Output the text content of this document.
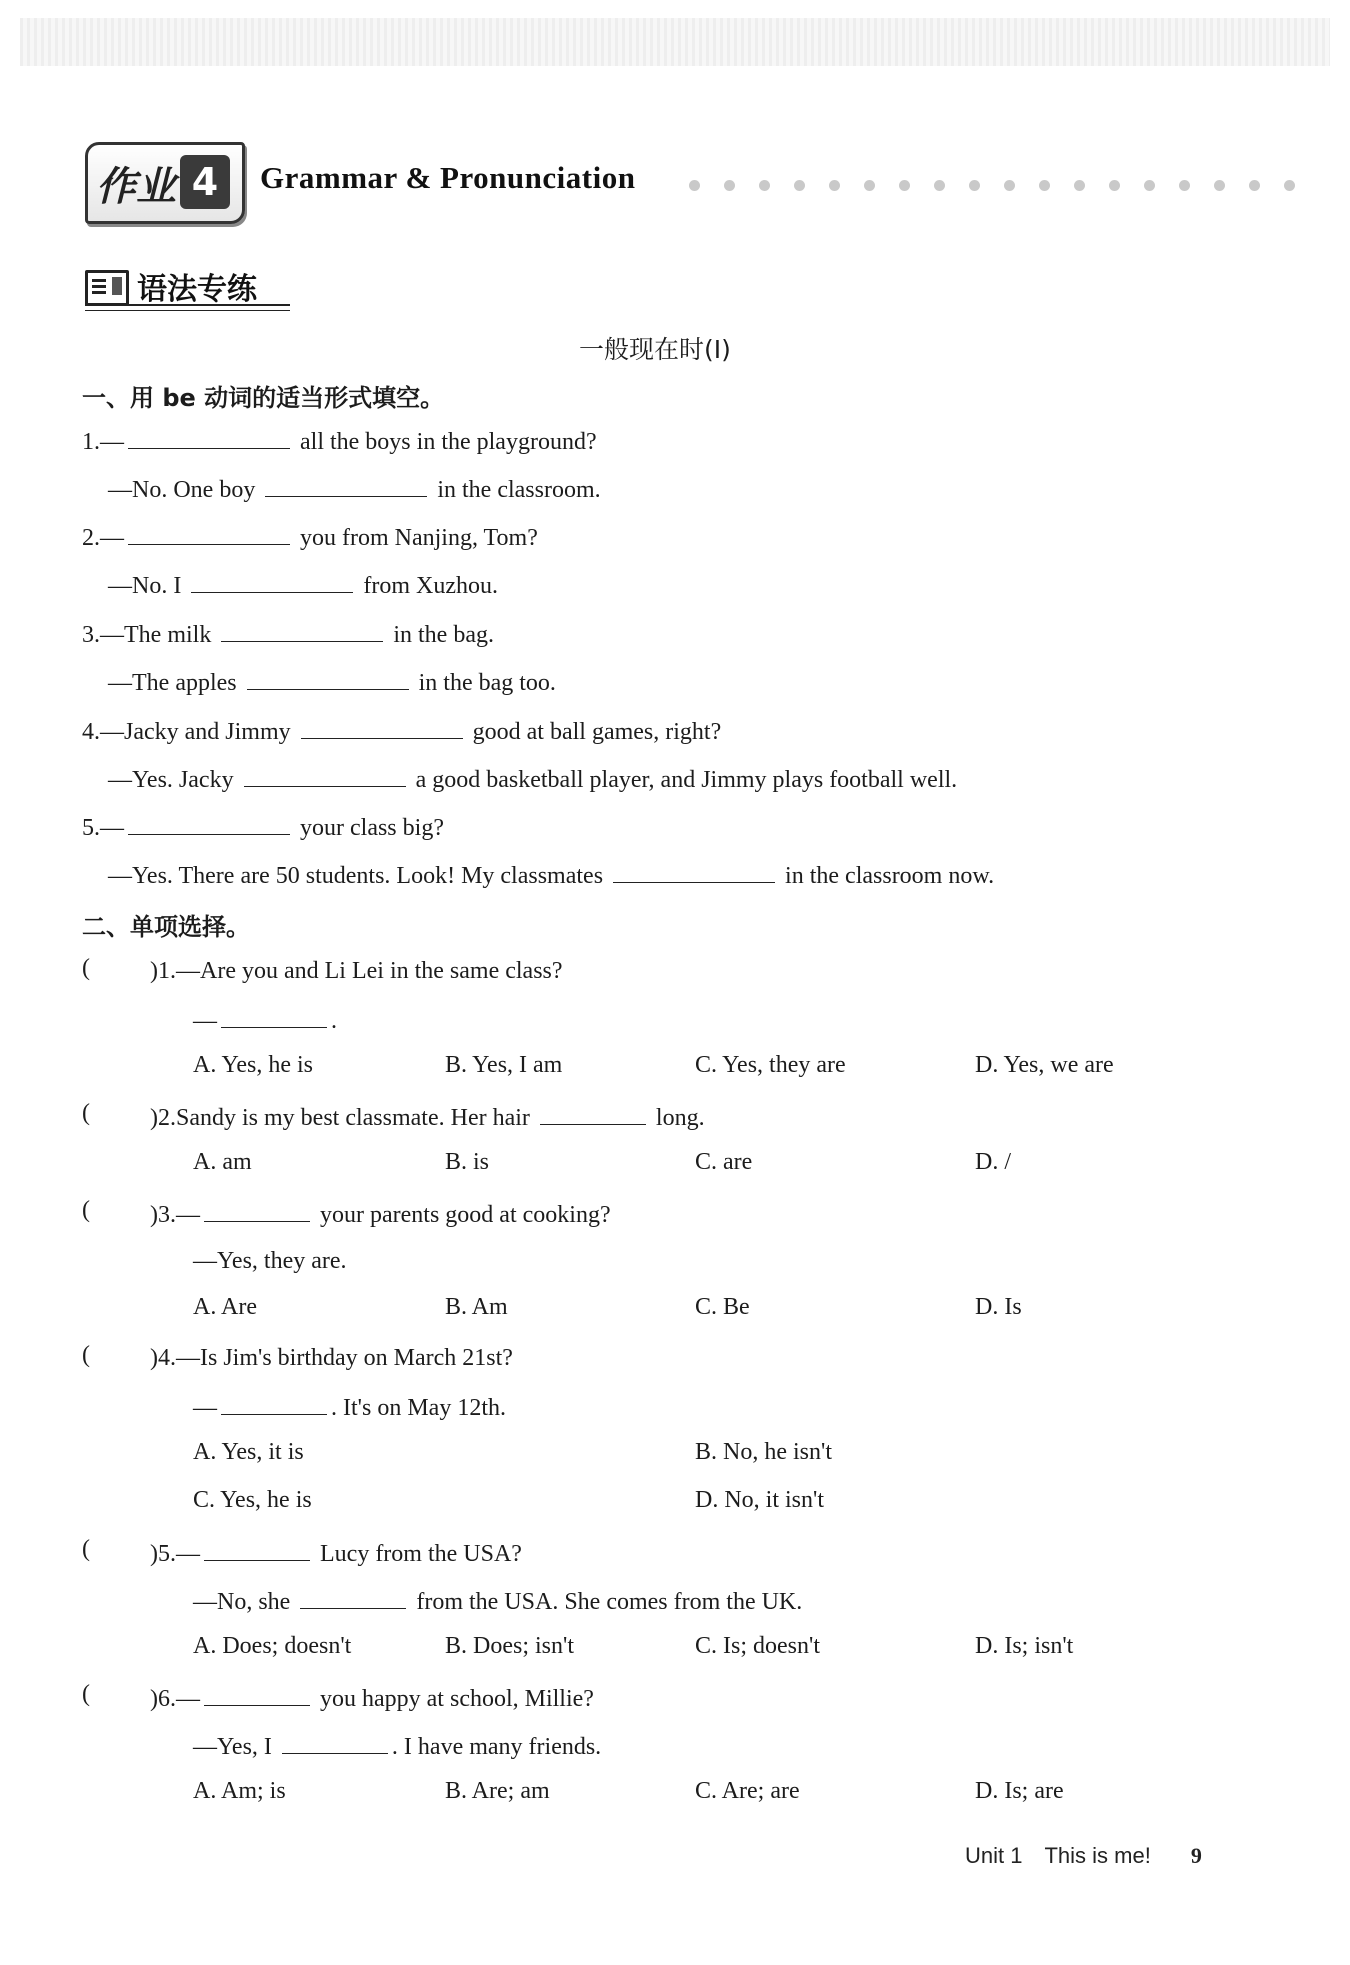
作业 4	Grammar & Pronunciation
语法专练
一般现在时(Ⅰ)
一、用 be 动词的适当形式填空。
1.—	all the boys in the playground?
—No. One boy	in the classroom.
2.—	you from Nanjing, Tom?
—No. I	from Xuzhou.
3.—The milk	in the bag.
—The apples	in the bag too.
4.—Jacky and Jimmy	good at ball games, right?
—Yes. Jacky	a good basketball player, and Jimmy plays football well.
5.—	your class big?
—Yes. There are 50 students. Look! My classmates	in the classroom now.
二、单项选择。
(	)1.—Are you and Li Lei in the same class?
—	.
A. Yes, he is	B. Yes, I am	C. Yes, they are	D. Yes, we are
(	)2.Sandy is my best classmate. Her hair	long.
A. am	B. is	C. are	D. /
(	)3.—	your parents good at cooking?
—Yes, they are.
A. Are	B. Am	C. Be	D. Is
(	)4.—Is Jim's birthday on March 21st?
—	. It's on May 12th.
A. Yes, it is	B. No, he isn't
C. Yes, he is	D. No, it isn't
(	)5.—	Lucy from the USA?
—No, she	from the USA. She comes from the UK.
A. Does; doesn't	B. Does; isn't	C. Is; doesn't	D. Is; isn't
(	)6.—	you happy at school, Millie?
—Yes, I	. I have many friends.
A. Am; is	B. Are; am	C. Are; are	D. Is; are
Unit 1 This is me! 9
